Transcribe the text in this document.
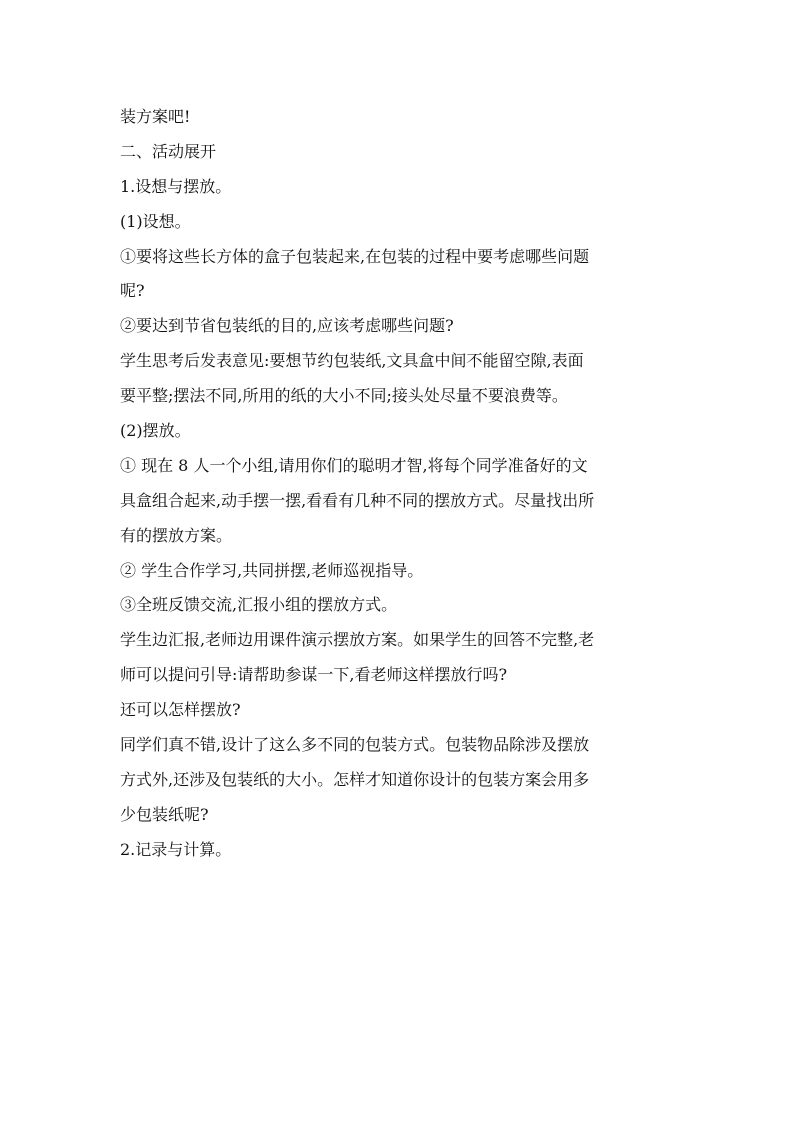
装方案吧!
二、活动展开
1.设想与摆放。
(1)设想。
①要将这些长方体的盒子包装起来,在包装的过程中要考虑哪些问题
呢?
②要达到节省包装纸的目的,应该考虑哪些问题?
学生思考后发表意见:要想节约包装纸,文具盒中间不能留空隙,表面
要平整;摆法不同,所用的纸的大小不同;接头处尽量不要浪费等。
(2)摆放。
① 现在 8 人一个小组,请用你们的聪明才智,将每个同学准备好的文
具盒组合起来,动手摆一摆,看看有几种不同的摆放方式。尽量找出所
有的摆放方案。
② 学生合作学习,共同拼摆,老师巡视指导。
③全班反馈交流,汇报小组的摆放方式。
学生边汇报,老师边用课件演示摆放方案。如果学生的回答不完整,老
师可以提问引导:请帮助参谋一下,看老师这样摆放行吗?
还可以怎样摆放?
同学们真不错,设计了这么多不同的包装方式。包装物品除涉及摆放
方式外,还涉及包装纸的大小。怎样才知道你设计的包装方案会用多
少包装纸呢?
2.记录与计算。
